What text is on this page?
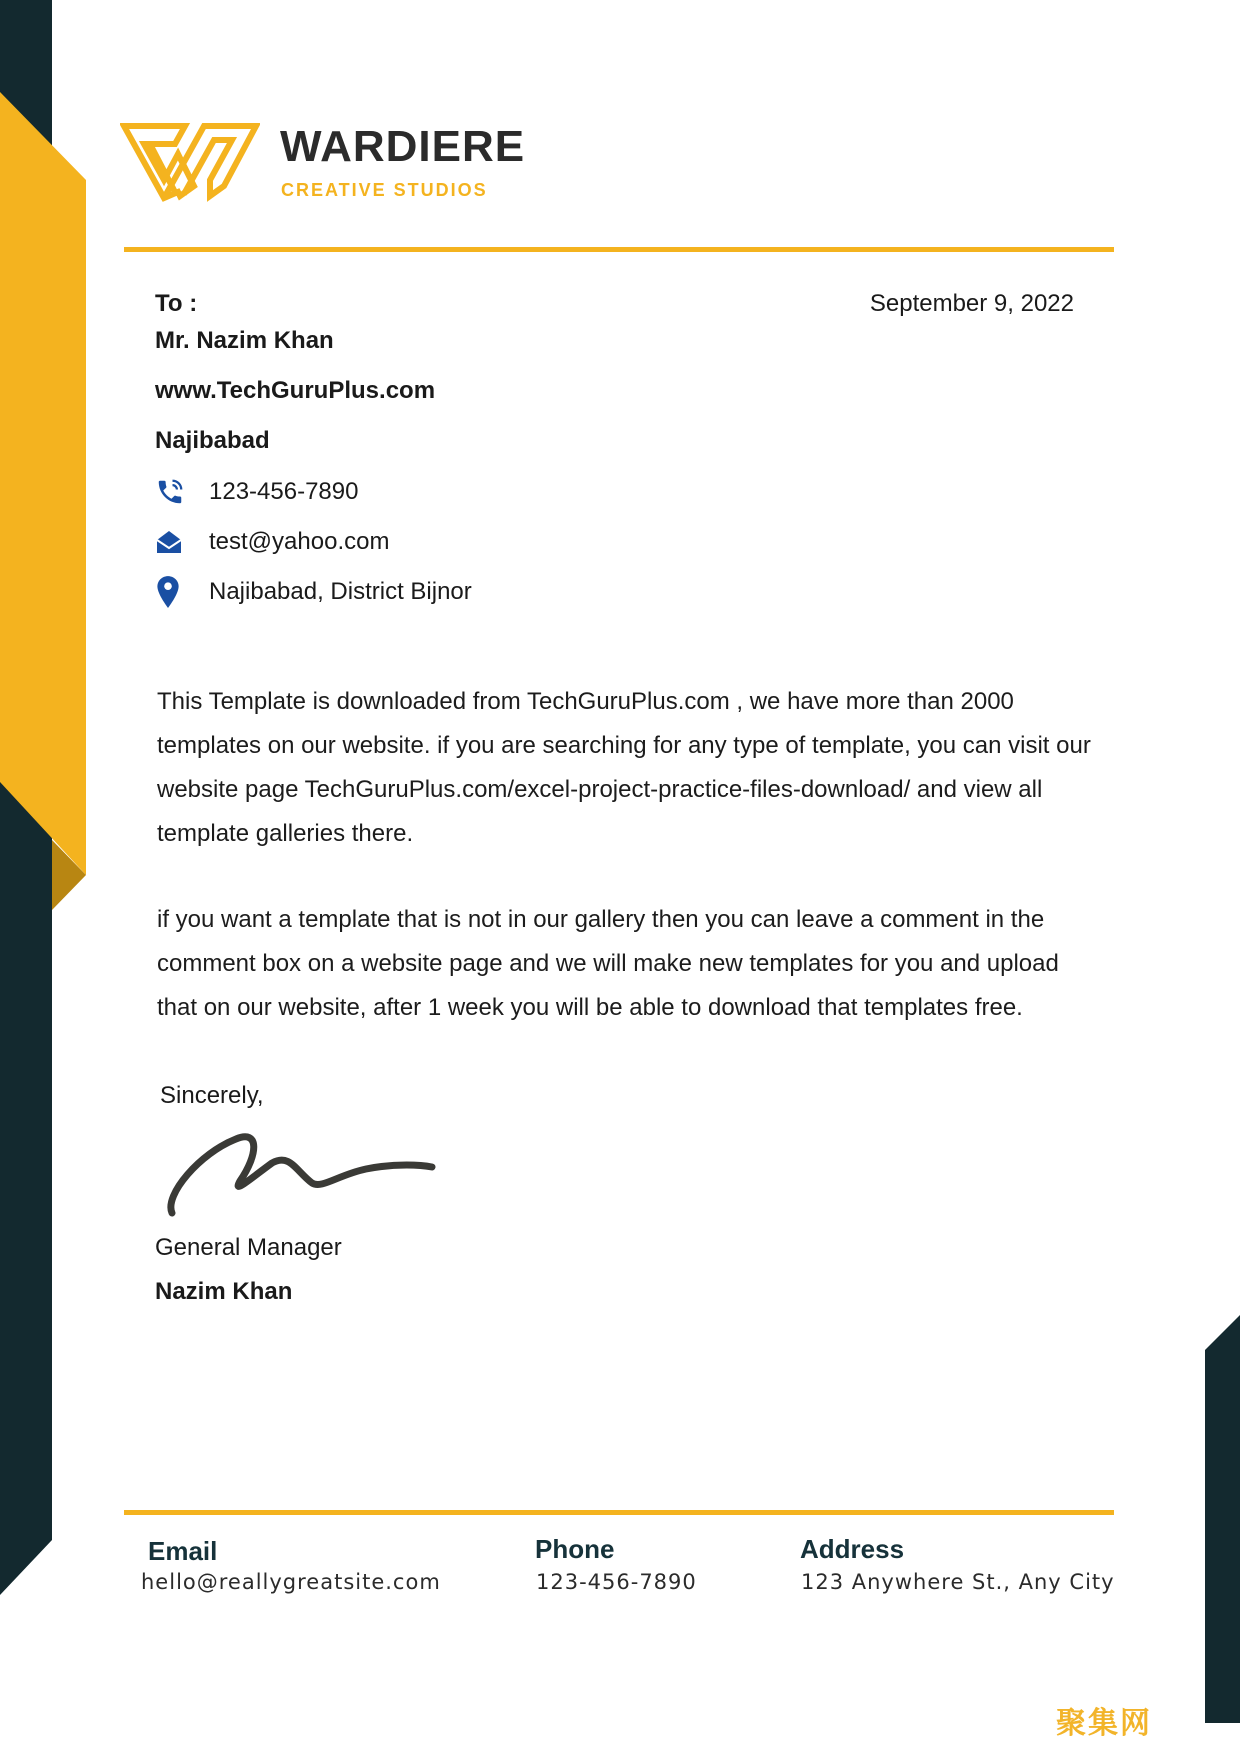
WARDIERE
CREATIVE STUDIOS
To :	September 9, 2022
Mr. Nazim Khan
www.TechGuruPlus.com
Najibabad
123-456-7890
test@yahoo.com
Najibabad, District Bijnor

This Template is downloaded from TechGuruPlus.com , we have more than 2000 templates on our website. if you are searching for any type of template, you can visit our website page TechGuruPlus.com/excel-project-practice-files-download/ and view all template galleries there.

if you want a template that is not in our gallery then you can leave a comment in the comment box on a website page and we will make new templates for you and upload that on our website, after 1 week you will be able to download that templates free.

Sincerely,
General Manager
Nazim Khan
Email
hello@reallygreatsite.com
Phone
123-456-7890
Address
123 Anywhere St., Any City
聚集网
